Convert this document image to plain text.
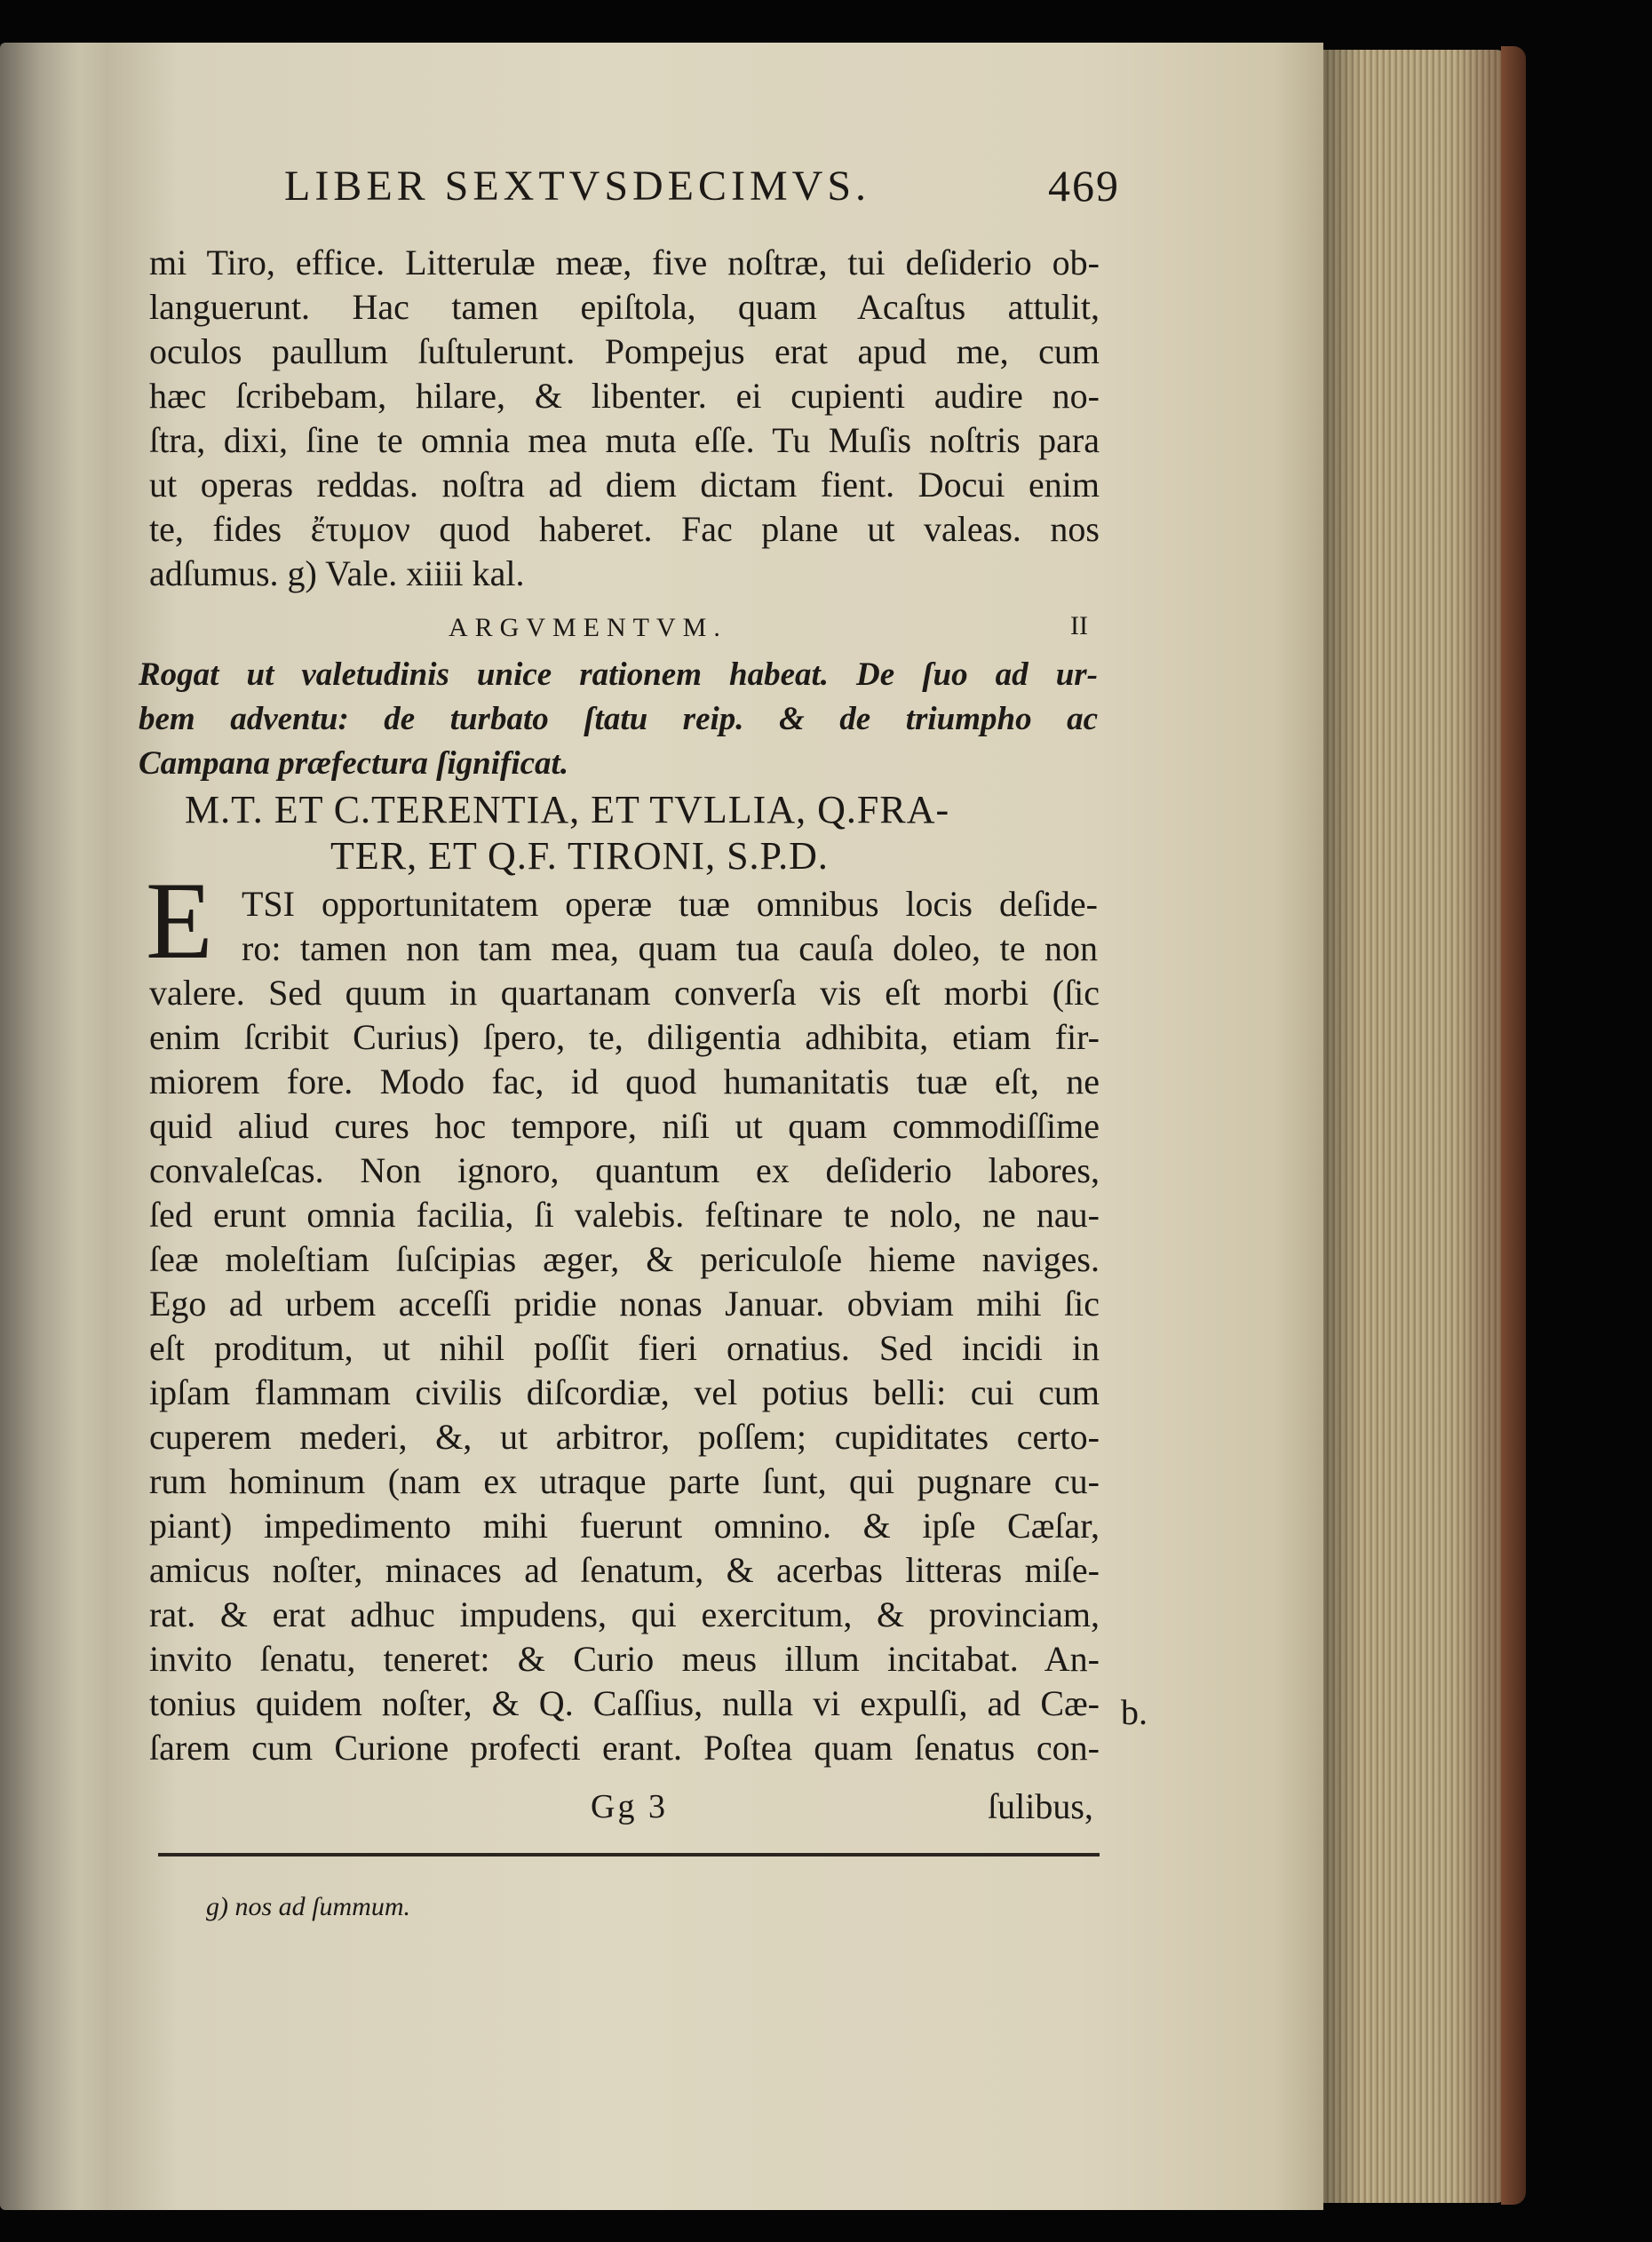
LIBER SEXTVSDECIMVS.	469
mi Tiro, effice. Litterulæ meæ, five noſtræ, tui deſiderio ob-
languerunt. Hac tamen epiſtola, quam Acaſtus attulit,
oculos paullum ſuſtulerunt. Pompejus erat apud me, cum
hæc ſcribebam, hilare, & libenter. ei cupienti audire no-
ſtra, dixi, ſine te omnia mea muta eſſe. Tu Muſis noſtris para
ut operas reddas. noſtra ad diem dictam fient. Docui enim
te, fides ἔτυμον quod haberet. Fac plane ut valeas. nos
adſumus. g) Vale. xiiii kal.
ARGVMENTVM.	II
Rogat ut valetudinis unice rationem habeat. De ſuo ad ur-
bem adventu: de turbato ſtatu reip. & de triumpho ac
Campana præfectura ſignificat.
M.T. ET C.TERENTIA, ET TVLLIA, Q.FRA-
TER, ET Q.F. TIRONI, S.P.D.
E TSI opportunitatem operæ tuæ omnibus locis deſide-
ro: tamen non tam mea, quam tua cauſa doleo, te non
valere. Sed quum in quartanam converſa vis eſt morbi (ſic
enim ſcribit Curius) ſpero, te, diligentia adhibita, etiam fir-
miorem fore. Modo fac, id quod humanitatis tuæ eſt, ne
quid aliud cures hoc tempore, niſi ut quam commodiſſime
convaleſcas. Non ignoro, quantum ex deſiderio labores,
ſed erunt omnia facilia, ſi valebis. feſtinare te nolo, ne nau-
ſeæ moleſtiam ſuſcipias æger, & periculoſe hieme naviges.
Ego ad urbem acceſſi pridie nonas Januar. obviam mihi ſic
eſt proditum, ut nihil poſſit fieri ornatius. Sed incidi in
ipſam flammam civilis diſcordiæ, vel potius belli: cui cum
cuperem mederi, &, ut arbitror, poſſem; cupiditates certo-
rum hominum (nam ex utraque parte ſunt, qui pugnare cu-
piant) impedimento mihi fuerunt omnino. & ipſe Cæſar,
amicus noſter, minaces ad ſenatum, & acerbas litteras miſe-
rat. & erat adhuc impudens, qui exercitum, & provinciam,
invito ſenatu, teneret: & Curio meus illum incitabat. An-
tonius quidem noſter, & Q. Caſſius, nulla vi expulſi, ad Cæ-
ſarem cum Curione profecti erant. Poſtea quam ſenatus con-
b.
Gg 3	ſulibus,
g) nos ad ſummum.
